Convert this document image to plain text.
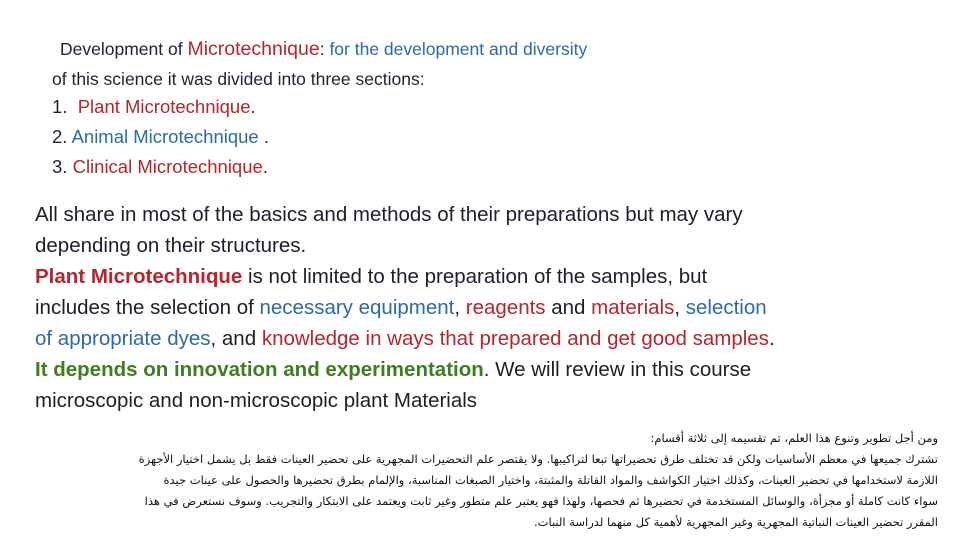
Development of Microtechnique: for the development and diversity
of this science it was divided into three sections:
1. Plant Microtechnique.
2. Animal Microtechnique .
3. Clinical Microtechnique.
All share in most of the basics and methods of their preparations but may vary
depending on their structures.
Plant Microtechnique is not limited to the preparation of the samples, but
includes the selection of necessary equipment, reagents and materials, selection
of appropriate dyes, and knowledge in ways that prepared and get good samples.
It depends on innovation and experimentation. We will review in this course
microscopic and non-microscopic plant Materials
ومن أجل تطوير وتنوع هذا العلم، تم تقسيمه إلى ثلاثة أقسام:
تشترك جميعها في معظم الأساسيات ولكن قد تختلف طرق تحضيراتها تبعا لتراكيبها. ولا يقتصر علم التحضيرات المجهرية على تحضير العينات فقط بل يشمل اختيار الأجهزة
اللازمة لاستخدامها في تحضير العينات، وكذلك اختيار الكواشف والمواد القاتلة والمثبتة، واختيار الصبغات المناسبة، والإلمام بطرق تحضيرها والحصول على عينات جيدة
سواء كانت كاملة أو مجزأة، والوسائل المستخدمة في تحضيرها ثم فحصها، ولهذا فهو يعتبر علم متطور وغير ثابت ويعتمد على الابتكار والتجريب. وسوف نستعرض في هذا
المقرر تحضير العينات النباتية المجهرية وغير المجهرية لأهمية كل منهما لدراسة النبات.
